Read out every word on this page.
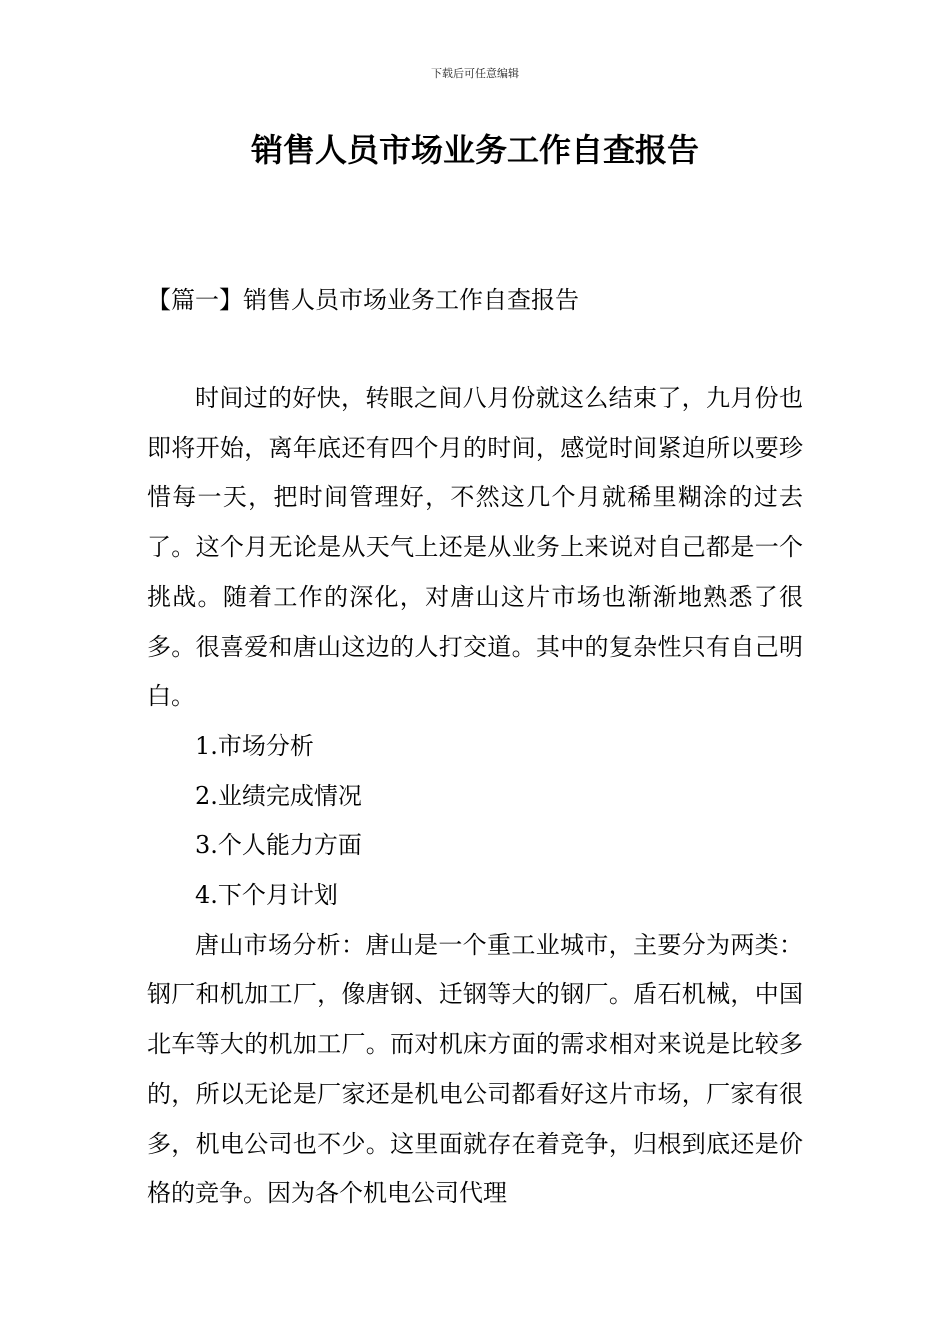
下载后可任意编辑
销售人员市场业务工作自查报告
【篇一】销售人员市场业务工作自查报告

时间过的好快，转眼之间八月份就这么结束了，九月份也即将开始，离年底还有四个月的时间，感觉时间紧迫所以要珍惜每一天，把时间管理好，不然这几个月就稀里糊涂的过去了。这个月无论是从天气上还是从业务上来说对自己都是一个挑战。随着工作的深化，对唐山这片市场也渐渐地熟悉了很多。很喜爱和唐山这边的人打交道。其中的复杂性只有自己明白。

1.市场分析

2.业绩完成情况

3.个人能力方面

4.下个月计划

唐山市场分析：唐山是一个重工业城市，主要分为两类：钢厂和机加工厂，像唐钢、迁钢等大的钢厂。盾石机械，中国北车等大的机加工厂。而对机床方面的需求相对来说是比较多的，所以无论是厂家还是机电公司都看好这片市场，厂家有很多，机电公司也不少。这里面就存在着竞争，归根到底还是价格的竞争。因为各个机电公司代理
